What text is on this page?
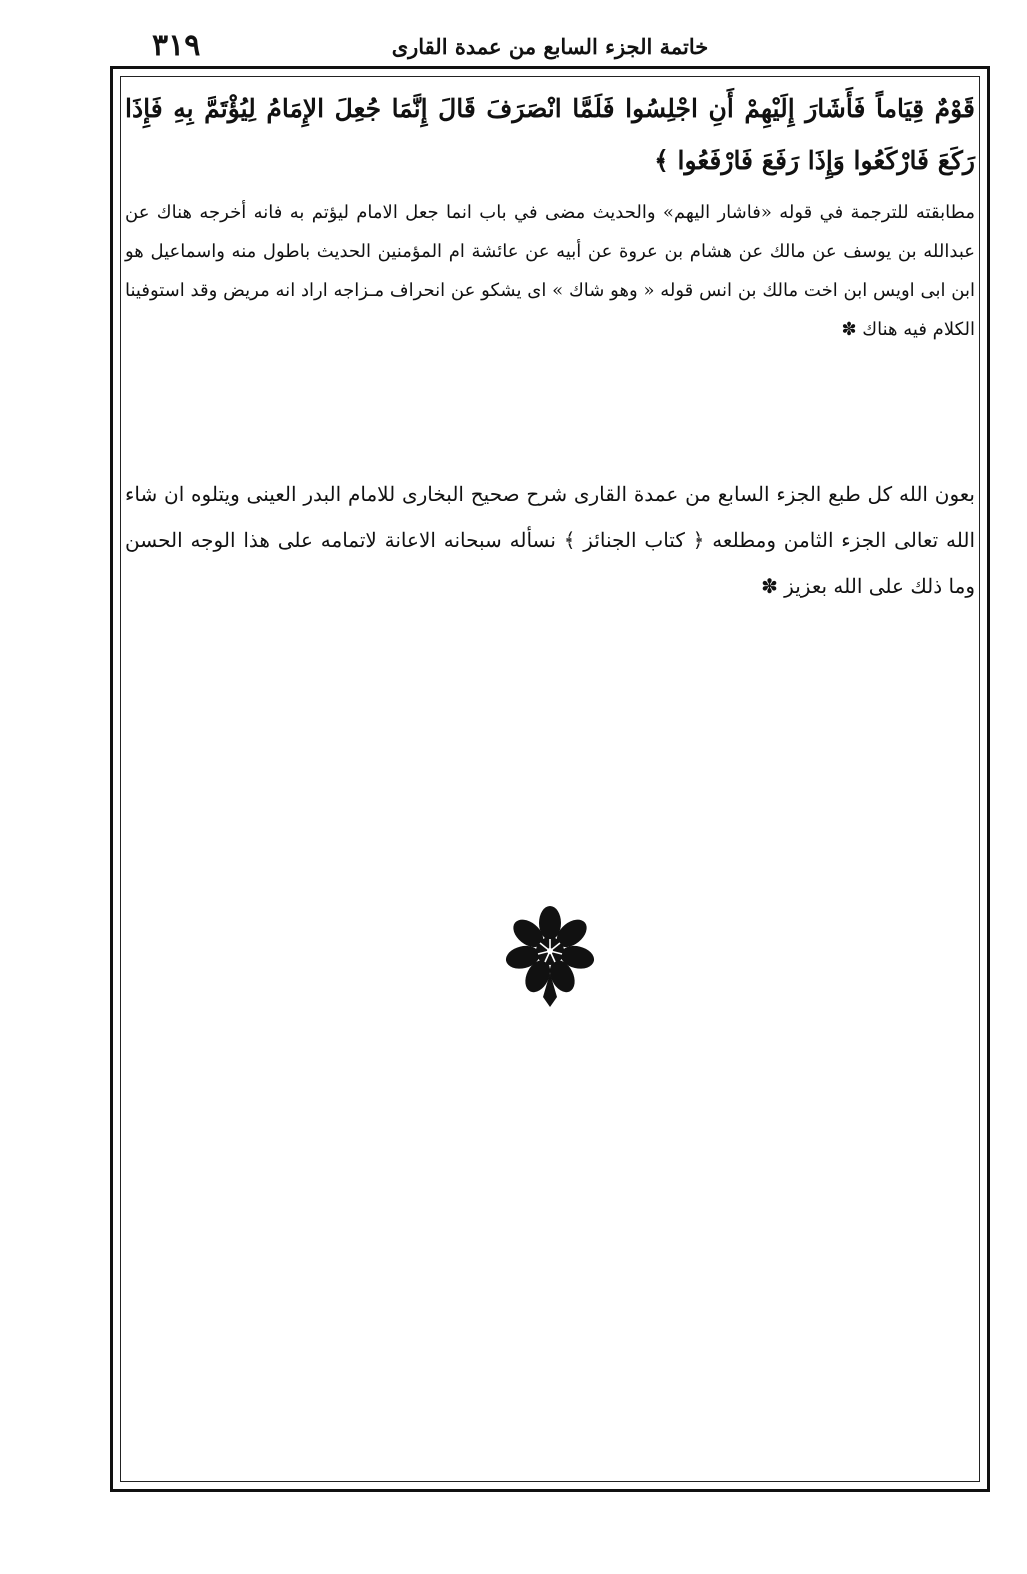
خاتمة الجزء السابع من عمدة القارى
٣١٩

قَوْمٌ قِيَاماً فَأَشَارَ إِلَيْهِمْ أَنِ اجْلِسُوا فَلَمَّا انْصَرَفَ قَالَ إِنَّمَا جُعِلَ الإِمَامُ لِيُؤْتَمَّ بِهِ فَإِذَا رَكَعَ فَارْكَعُوا وَإِذَا رَفَعَ فَارْفَعُوا ﴾

مطابقته للترجمة في قوله «فاشار اليهم» والحديث مضى في باب انما جعل الامام ليؤتم به فانه أخرجه هناك عن عبدالله بن يوسف عن مالك عن هشام بن عروة عن أبيه عن عائشة ام المؤمنين الحديث باطول منه واسماعيل هو ابن ابى اويس ابن اخت مالك بن انس قوله « وهو شاك » اى يشكو عن انحراف مـزاجه اراد انه مريض وقد استوفينا الكلام فيه هناك ✽

بعون الله كل طبع الجزء السابع من عمدة القارى شرح صحيح البخارى للامام البدر العينى ويتلوه ان شاء الله تعالى الجزء الثامن ومطلعه ﴿ كتاب الجنائز ﴾ نسأله سبحانه الاعانة لاتمامه على هذا الوجه الحسن وما ذلك على الله بعزيز ✽
